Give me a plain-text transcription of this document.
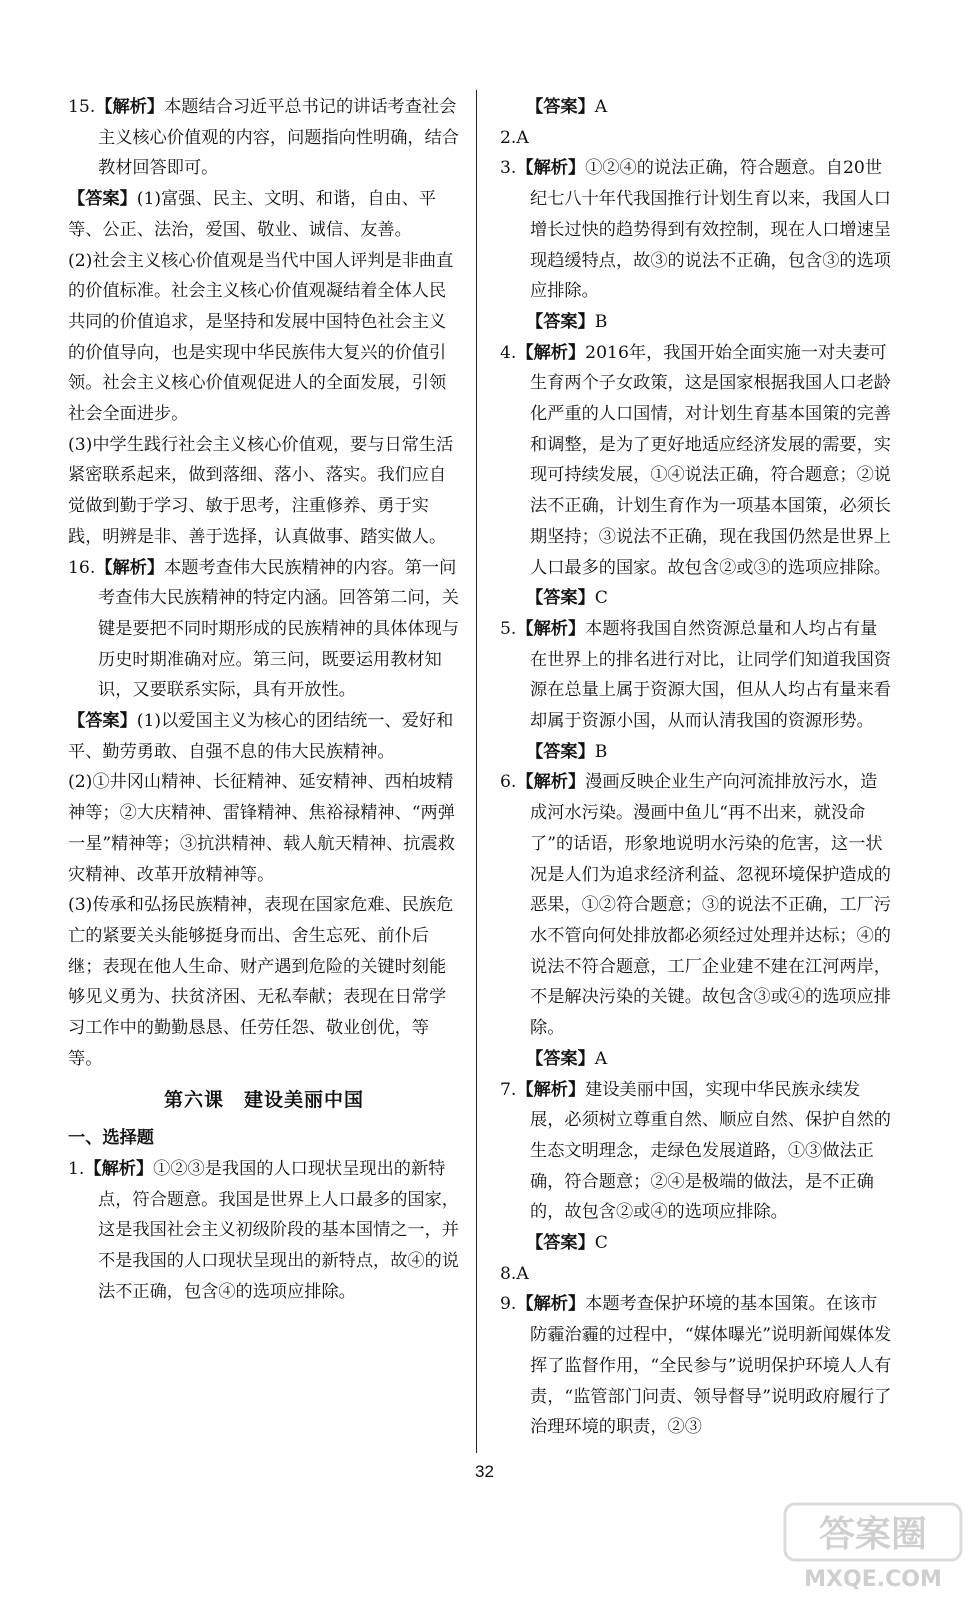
15.【解析】本题结合习近平总书记的讲话考查社会主义核心价值观的内容，问题指向性明确，结合教材回答即可。

【答案】(1)富强、民主、文明、和谐，自由、平等、公正、法治，爱国、敬业、诚信、友善。

(2)社会主义核心价值观是当代中国人评判是非曲直的价值标准。社会主义核心价值观凝结着全体人民共同的价值追求，是坚持和发展中国特色社会主义的价值导向，也是实现中华民族伟大复兴的价值引领。社会主义核心价值观促进人的全面发展，引领社会全面进步。

(3)中学生践行社会主义核心价值观，要与日常生活紧密联系起来，做到落细、落小、落实。我们应自觉做到勤于学习、敏于思考，注重修养、勇于实践，明辨是非、善于选择，认真做事、踏实做人。

16.【解析】本题考查伟大民族精神的内容。第一问考查伟大民族精神的特定内涵。回答第二问，关键是要把不同时期形成的民族精神的具体体现与历史时期准确对应。第三问，既要运用教材知识，又要联系实际，具有开放性。

【答案】(1)以爱国主义为核心的团结统一、爱好和平、勤劳勇敢、自强不息的伟大民族精神。

(2)①井冈山精神、长征精神、延安精神、西柏坡精神等；②大庆精神、雷锋精神、焦裕禄精神、“两弹一星”精神等；③抗洪精神、载人航天精神、抗震救灾精神、改革开放精神等。

(3)传承和弘扬民族精神，表现在国家危难、民族危亡的紧要关头能够挺身而出、舍生忘死、前仆后继；表现在他人生命、财产遇到危险的关键时刻能够见义勇为、扶贫济困、无私奉献；表现在日常学习工作中的勤勤恳恳、任劳任怨、敬业创优，等等。

第六课　建设美丽中国

一、选择题

1.【解析】①②③是我国的人口现状呈现出的新特点，符合题意。我国是世界上人口最多的国家，这是我国社会主义初级阶段的基本国情之一，并不是我国的人口现状呈现出的新特点，故④的说法不正确，包含④的选项应排除。

【答案】A

2.A

3.【解析】①②④的说法正确，符合题意。自20世纪七八十年代我国推行计划生育以来，我国人口增长过快的趋势得到有效控制，现在人口增速呈现趋缓特点，故③的说法不正确，包含③的选项应排除。

【答案】B

4.【解析】2016年，我国开始全面实施一对夫妻可生育两个子女政策，这是国家根据我国人口老龄化严重的人口国情，对计划生育基本国策的完善和调整，是为了更好地适应经济发展的需要，实现可持续发展，①④说法正确，符合题意；②说法不正确，计划生育作为一项基本国策，必须长期坚持；③说法不正确，现在我国仍然是世界上人口最多的国家。故包含②或③的选项应排除。

【答案】C

5.【解析】本题将我国自然资源总量和人均占有量在世界上的排名进行对比，让同学们知道我国资源在总量上属于资源大国，但从人均占有量来看却属于资源小国，从而认清我国的资源形势。

【答案】B

6.【解析】漫画反映企业生产向河流排放污水，造成河水污染。漫画中鱼儿“再不出来，就没命了”的话语，形象地说明水污染的危害，这一状况是人们为追求经济利益、忽视环境保护造成的恶果，①②符合题意；③的说法不正确，工厂污水不管向何处排放都必须经过处理并达标；④的说法不符合题意，工厂企业建不建在江河两岸，不是解决污染的关键。故包含③或④的选项应排除。

【答案】A

7.【解析】建设美丽中国，实现中华民族永续发展，必须树立尊重自然、顺应自然、保护自然的生态文明理念，走绿色发展道路，①③做法正确，符合题意；②④是极端的做法，是不正确的，故包含②或④的选项应排除。

【答案】C

8.A

9.【解析】本题考查保护环境的基本国策。在该市防霾治霾的过程中，“媒体曝光”说明新闻媒体发挥了监督作用，“全民参与”说明保护环境人人有责，“监管部门问责、领导督导”说明政府履行了治理环境的职责，②③

32
答案圈
MXQE.COM
